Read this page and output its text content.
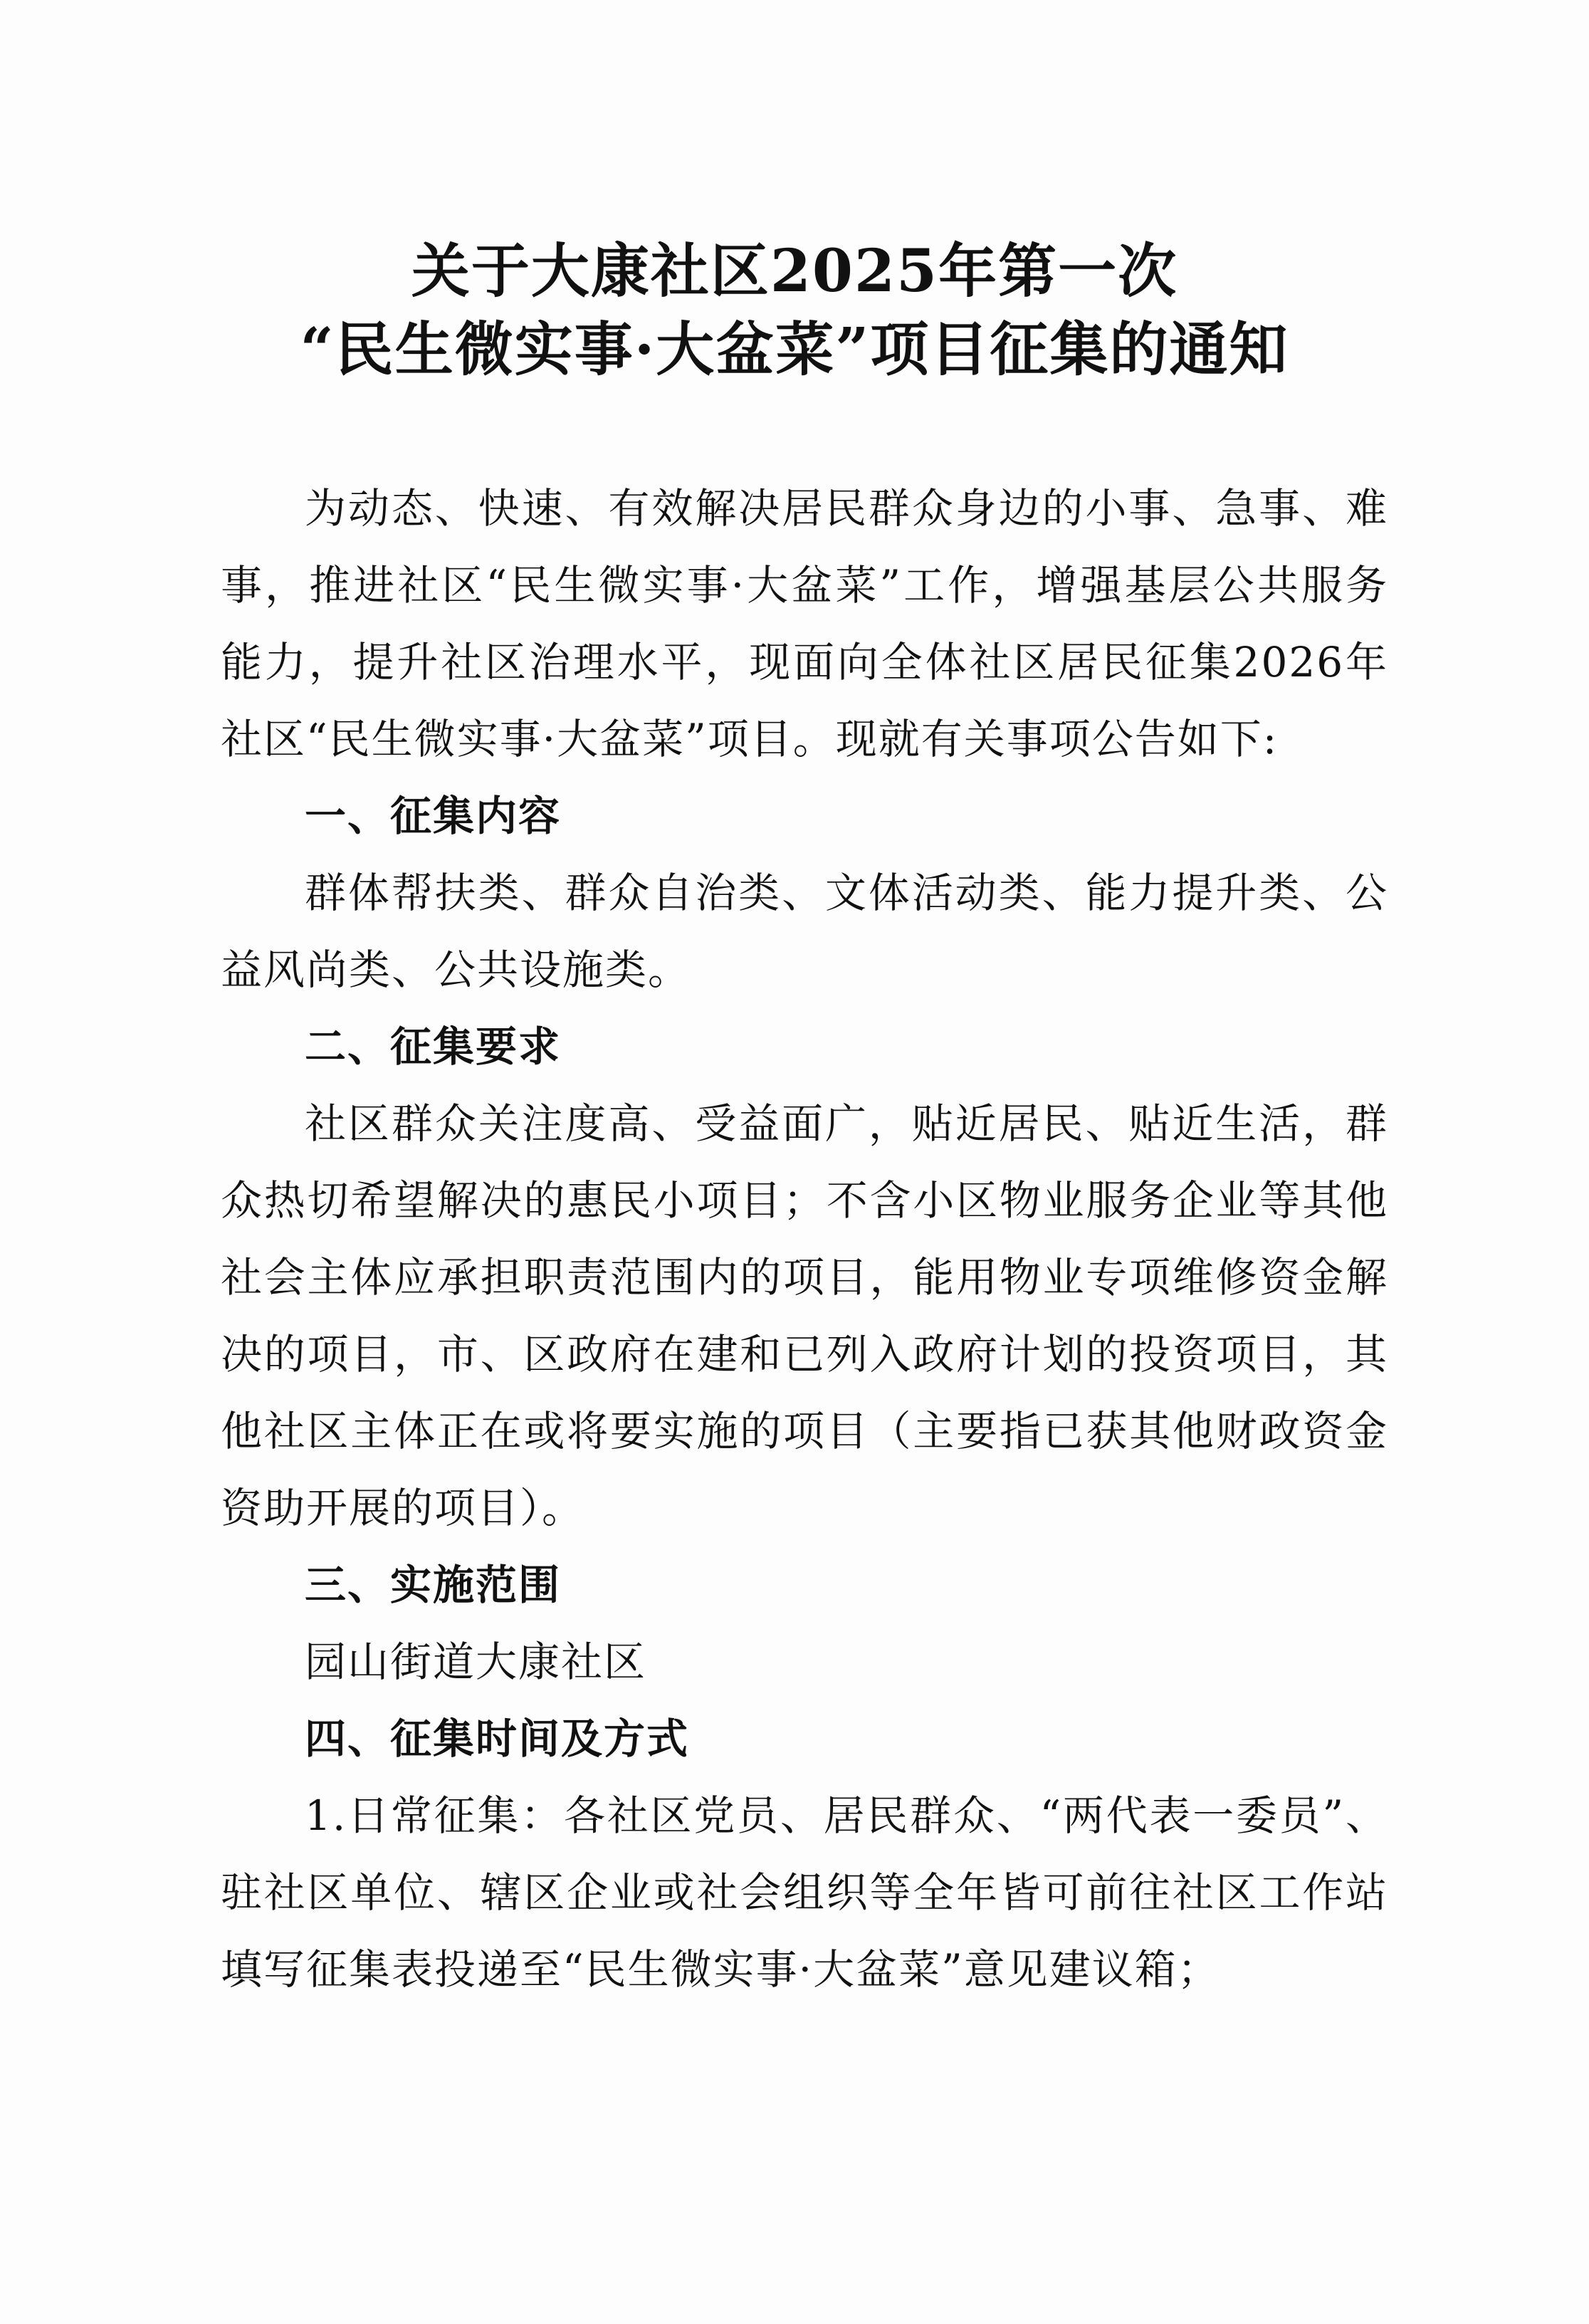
关于大康社区2025年第一次
“民生微实事·大盆菜”项目征集的通知
为动态、快速、有效解决居民群众身边的小事、急事、难事，推进社区“民生微实事·大盆菜”工作，增强基层公共服务能力，提升社区治理水平，现面向全体社区居民征集2026年社区“民生微实事·大盆菜”项目。现就有关事项公告如下:
一、征集内容
群体帮扶类、群众自治类、文体活动类、能力提升类、公益风尚类、公共设施类。
二、征集要求
社区群众关注度高、受益面广，贴近居民、贴近生活，群众热切希望解决的惠民小项目；不含小区物业服务企业等其他社会主体应承担职责范围内的项目，能用物业专项维修资金解决的项目，市、区政府在建和已列入政府计划的投资项目，其他社区主体正在或将要实施的项目（主要指已获其他财政资金资助开展的项目）。
三、实施范围
园山街道大康社区
四、征集时间及方式
1.日常征集：各社区党员、居民群众、“两代表一委员”、驻社区单位、辖区企业或社会组织等全年皆可前往社区工作站填写征集表投递至“民生微实事·大盆菜”意见建议箱；
